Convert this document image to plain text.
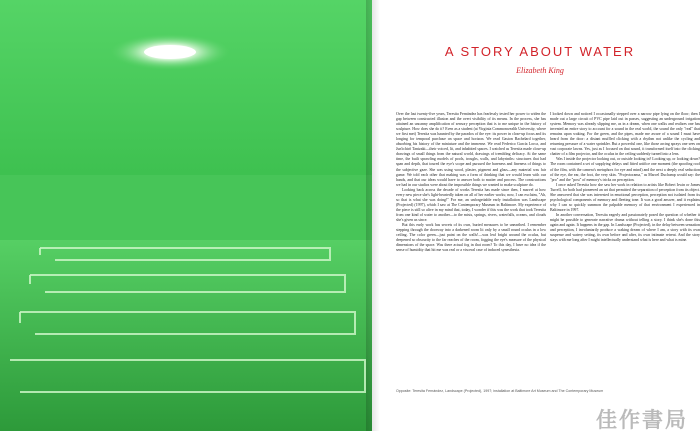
A STORY ABOUT WATER
Elizabeth King

Over the last twenty-five years, Teresita Fernández has fearlessly tested her power to widen the gap between constructed illusion and the overt visibility of its means. In the process, she has attained an uncanny amplification of sensory perception that is to me unique in the history of sculpture. How does she do it? Even as a student (at Virginia Commonwealth University, where we first met) Teresita was haunted by the paradox of the eye: its power in close-up focus and its longing for temporal purchase on space and horizon. We read Gaston Bachelard together, absorbing his history of the miniature and the immense. We read Federico García Lorca, and Jun'ichirō Tanizaki—their voiced, lit, and inhabited spaces. I watched as Teresita made close-up drawings of small things from the natural world, drawings of trembling delicacy. At the same time, the built sprawling models of pools, troughs, walls, and labyrinths: structures that had span and depth, that toured the eye's scope and pursued the bareness and fineness of things to the subjective gaze. She was using wood, plaster, pigment and glass—any material was fair game. We told each other that making was a form of thinking that we would learn with our hands, and that our ideas would have to answer both to matter and process. The constructions we had in our studios were about the impossible things we wanted to make sculpture do.

Looking back across the decade of works Teresita has made since then, I marvel at how every new piece she's light-heartedly taken on all of her earlier works; now, I can exclaim, "Ah, so that is what she was doing!" For me, an unforgettable early installation was Landscape (Projected) (1997), which I saw at The Contemporary Museum in Baltimore. My experience of the piece is still so alive in my mind that, today, I wonder if this was the work that took Teresita from one kind of water to another—to the mists, springs, rivers, waterfalls, oceans, and clouds she's given us since.

But this early work has secrets of its own, buried measures to be unearthed. I remember stepping through the doorway into a darkened room lit only by a small round oculus in a low ceiling. The color green—just paint on the walls!—was leaf bright around the oculus, but deepened so obscurity to the far reaches of the room, fogging the eye's measure of the physical dimensions of the space. Was there actual fog in that room? To this day, I have no idea if the sense of humidity that hit me was real or a visceral case of induced synesthesia.

I looked down and noticed I occasionally stepped over a narrow pipe lying on the floor; then I made out a large circuit of PVC pipe laid out in passes, suggesting an underground irrigation system. Memory was already slipping me, as in a dream, when one walks and realizes one has invented an entire story to account for a sound in the real world, the sound the only "real" that remains upon waking. For the green, and the pipes, made me aware of a sound I must have heard from the door: a distant muffled clicking with a rhythm not unlike the cycling and returning pressure of a water sprinkler. But a powerful one, like those arcing sprays one sees on vast corporate lawns. Yes, just as I focused on that sound, it transformed itself into the clicking chatter of a film projector, and the oculus in the ceiling suddenly turned into a lens.

Was I inside the projector looking out, or outside looking in? Looking up, or looking down? The room contained a set of supplying delays and fitted artifice one moment (the spoofing roof of the film, with the camera's metaphors for eye and mind) and the next a deeply real seduction of the eye, the ear, the foot, the very skin. "Projectorama," as Marcel Duchamp would say: the "pro" and the "post" of memory's tricks on perception.

I once asked Teresita how she saw her work in relation to artists like Robert Irwin or James Turrell, for both had pioneered an art that permitted the separation of perception from its object. She answered that she was interested in emotional perception, perception not isolated from its psychological components of memory and fleeting tone. It was a good answer, and it explains why I can so quickly summon the palpable memory of that environment I experienced in Baltimore in 1997.

In another conversation, Teresita eagerly and passionately posed the question of whether it might be possible to generate narrative drama without telling a story. I think she's done this again and again. It happens in the gap. In Landscape (Projected), in the delay between sensation and perception, I involuntarily produce a waking dream of where I am, a story with its own suspense and watery setting, its own before and after, its own intimate retreat. And the story stays with me long after I might intellectually understand what is here and what is mine.

Opposite: Teresita Fernández, Landscape (Projected), 1997; installation at Baltimore Art Museum and The Contemporary Museum
佳作書局
